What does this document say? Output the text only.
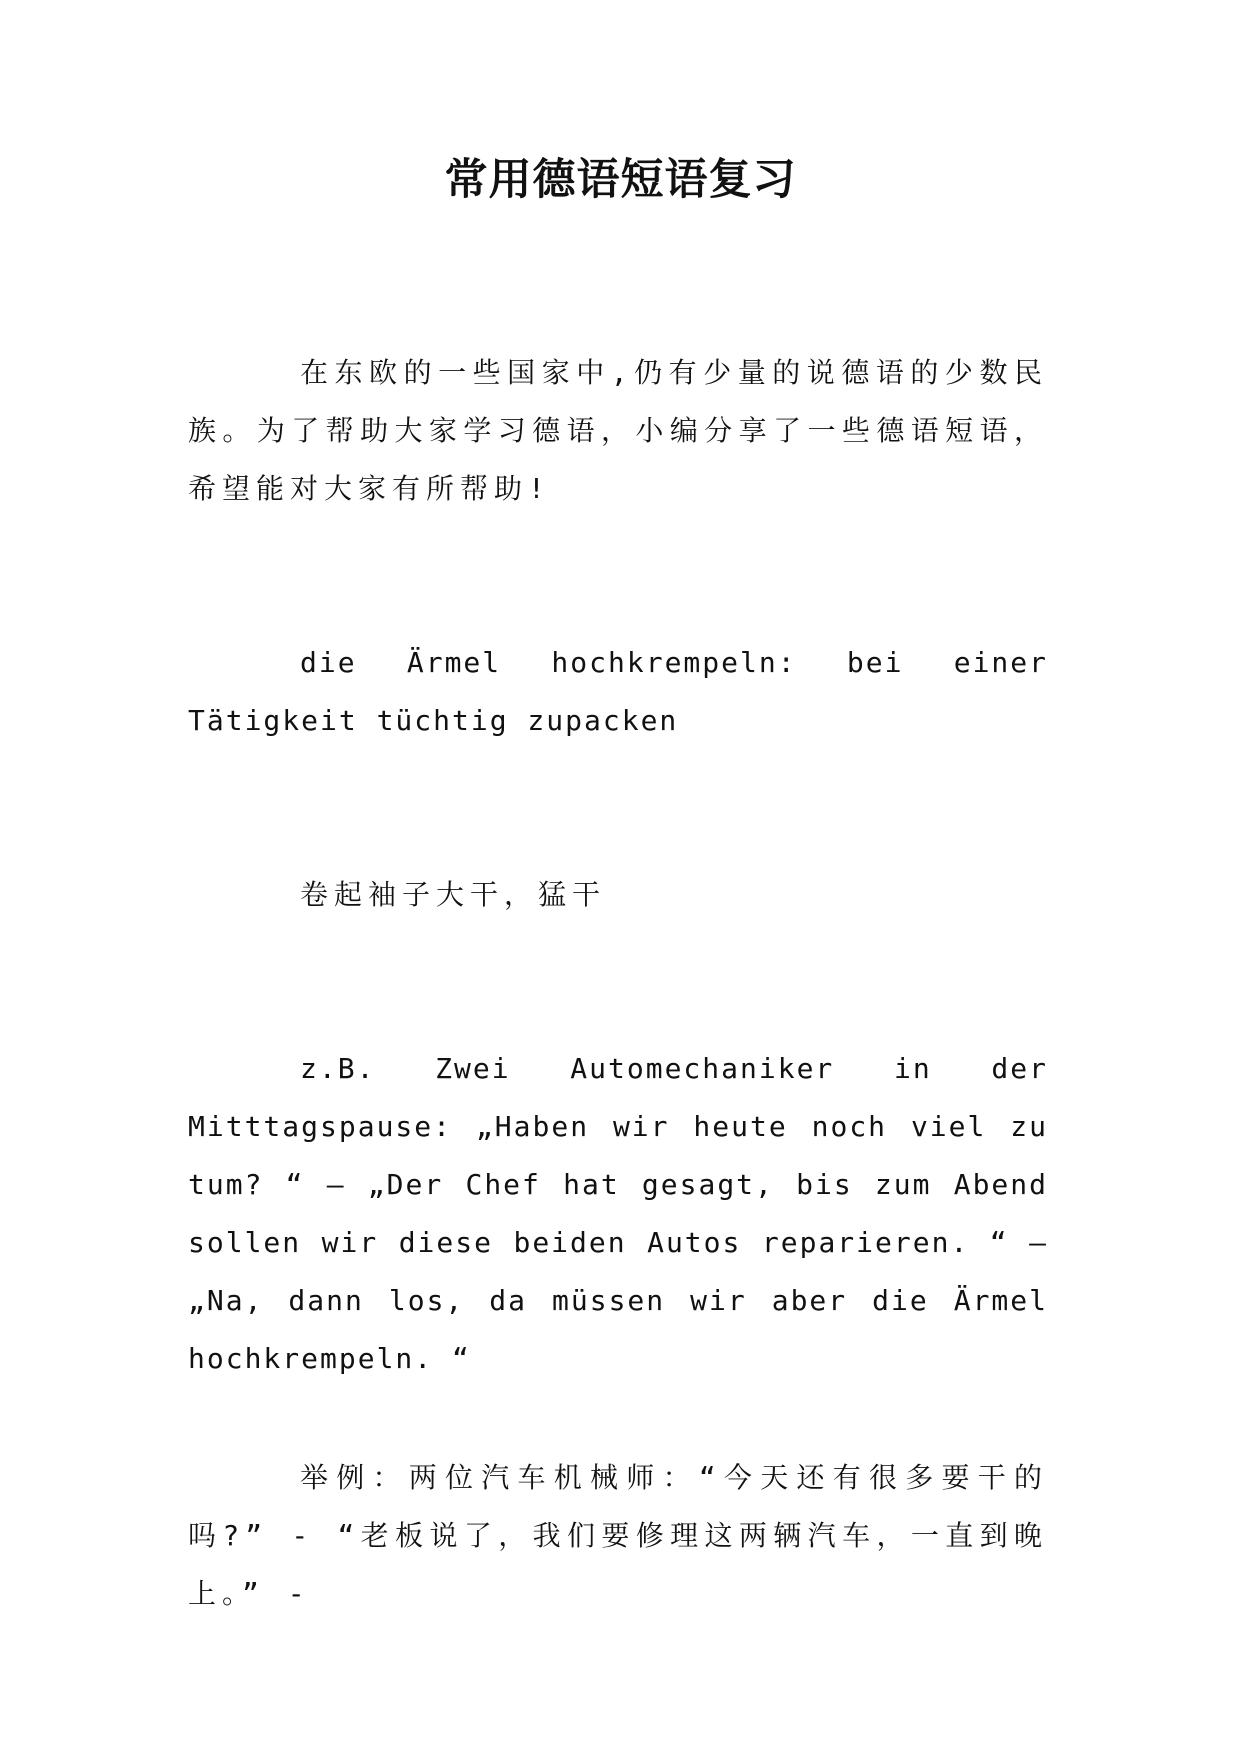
常用德语短语复习
在东欧的一些国家中,仍有少量的说德语的少数民族。为了帮助大家学习德语，小编分享了一些德语短语，希望能对大家有所帮助!
die Ärmel hochkrempeln: bei einer Tätigkeit tüchtig zupacken
卷起袖子大干，猛干
z.B. Zwei Automechaniker in der Mitttagspause: „Haben wir heute noch viel zu tum? “ – „Der Chef hat gesagt, bis zum Abend sollen wir diese beiden Autos reparieren. “ – „Na, dann los, da müssen wir aber die Ärmel hochkrempeln. “
举例：两位汽车机械师：“今天还有很多要干的吗?” - “老板说了，我们要修理这两辆汽车，一直到晚上。” -
